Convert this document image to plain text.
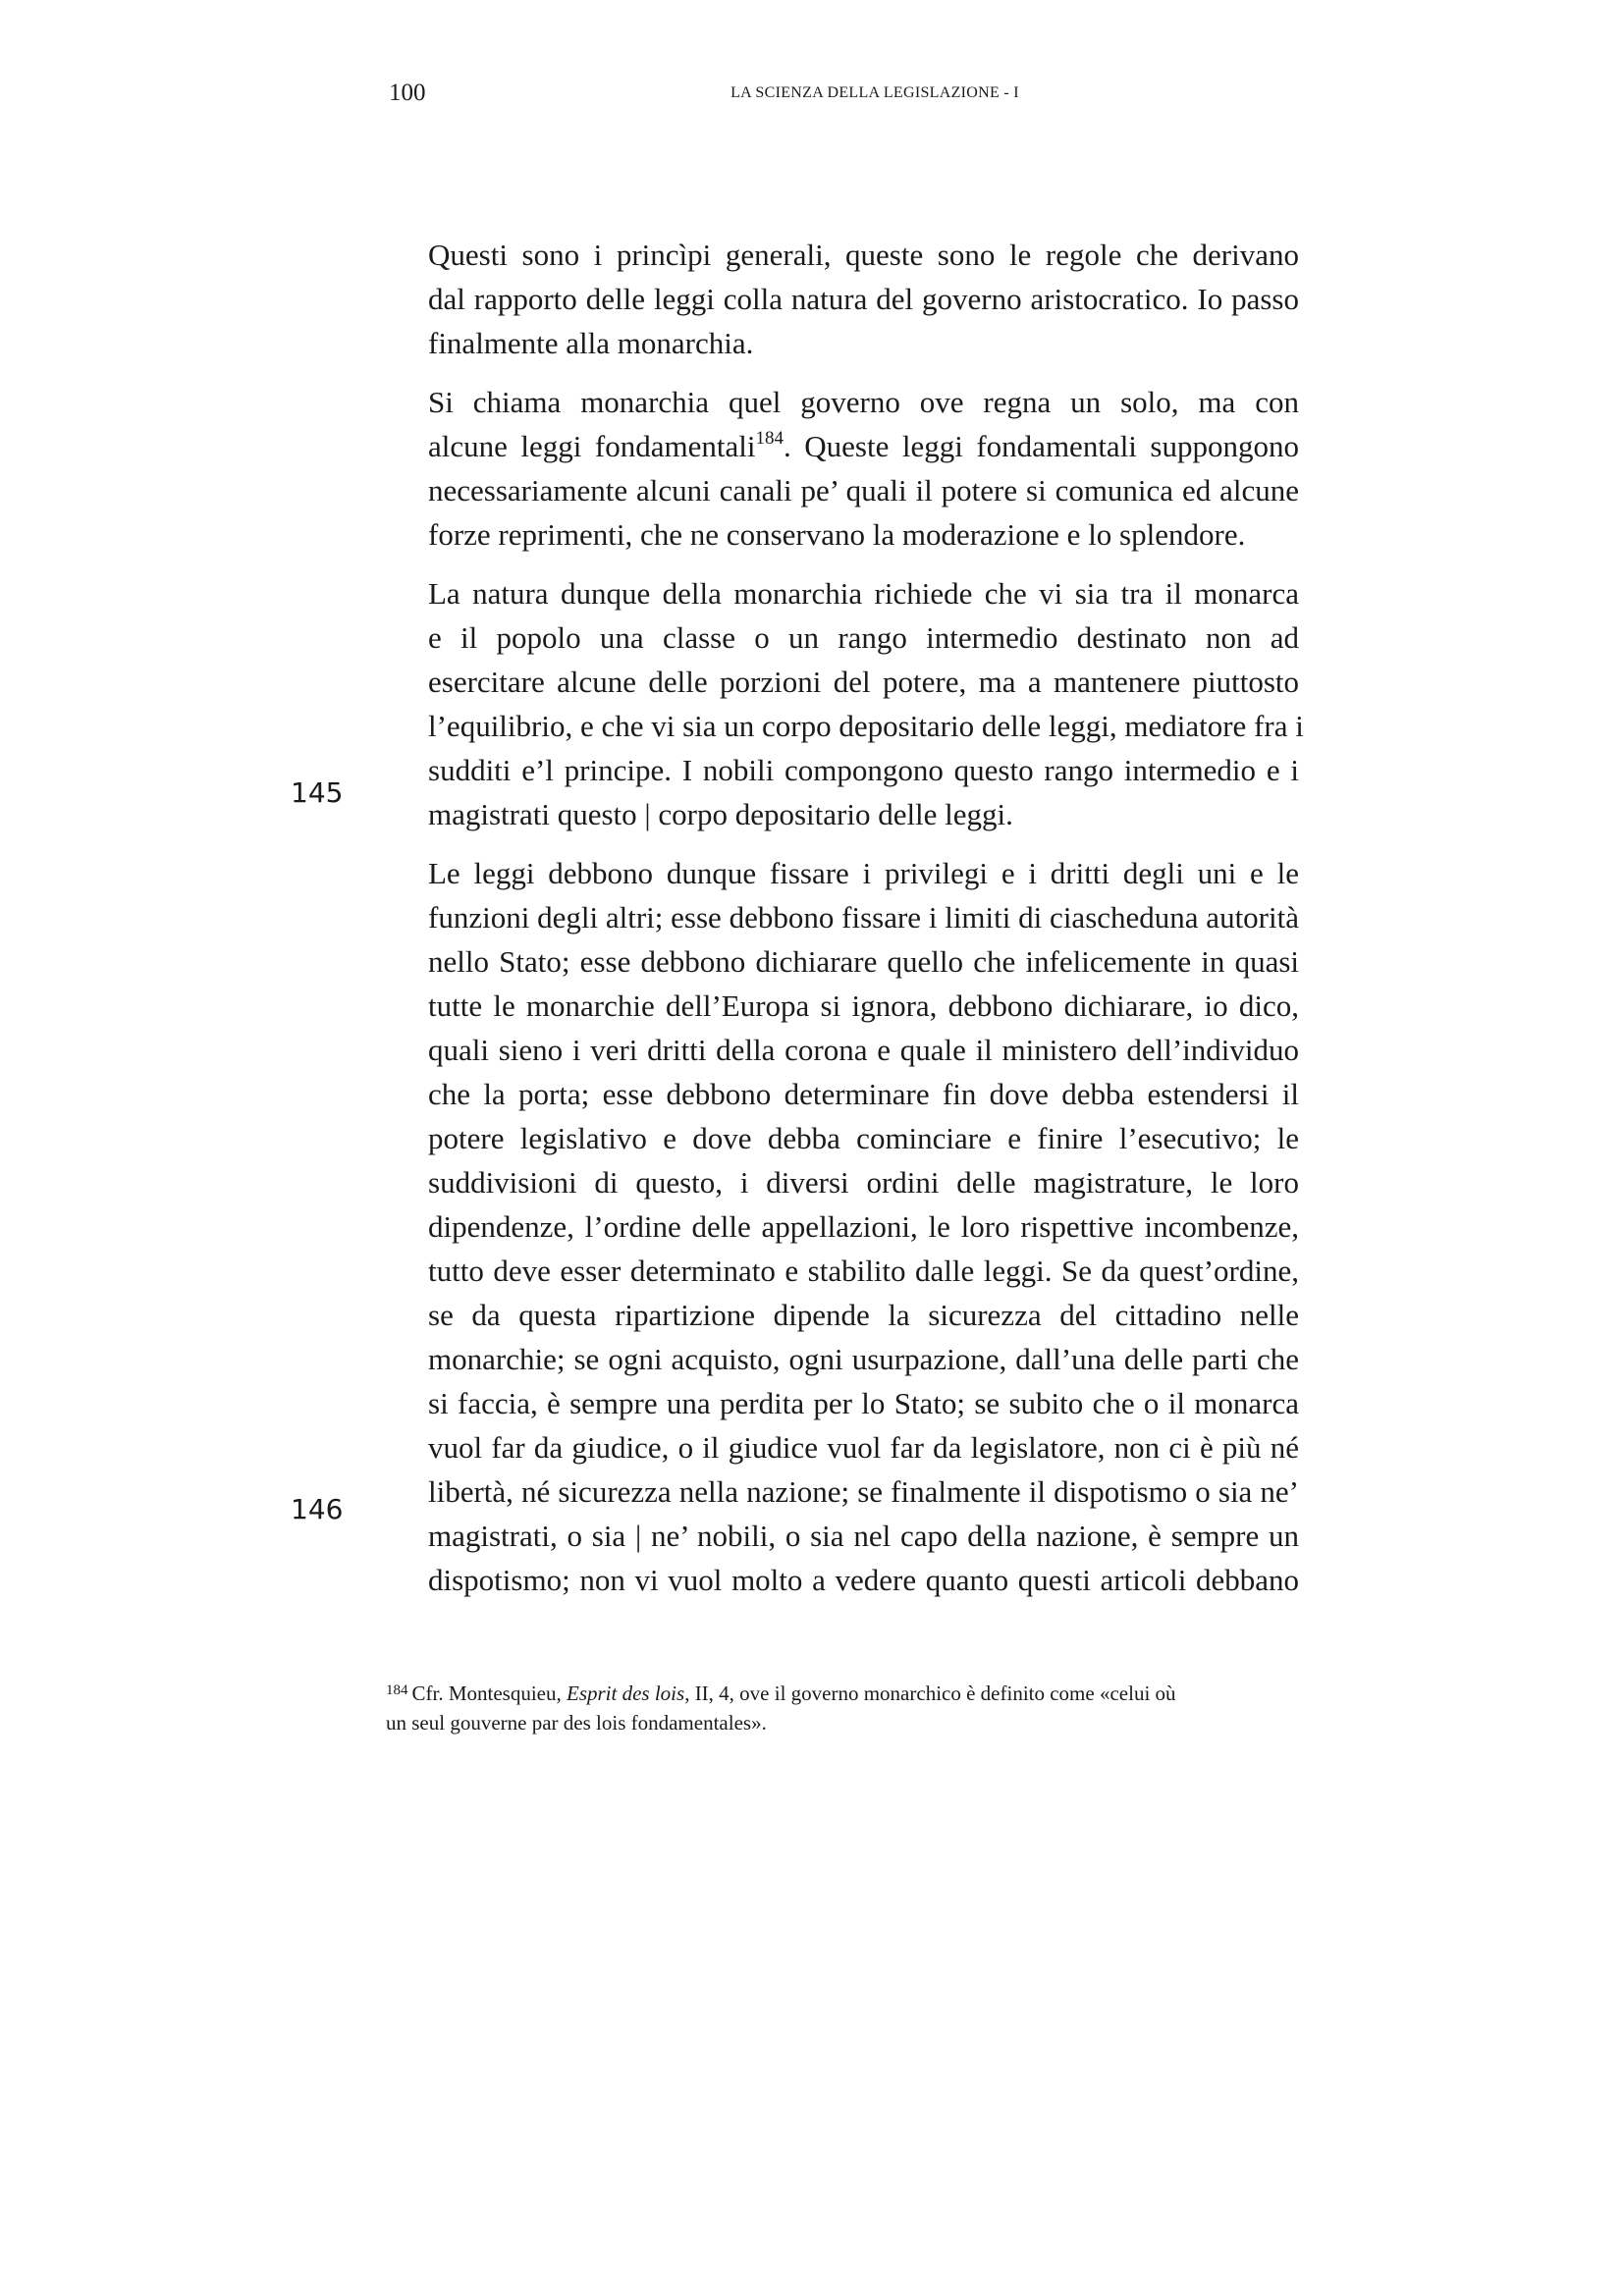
100	LA SCIENZA DELLA LEGISLAZIONE - I
145
146

Questi sono i princìpi generali, queste sono le regole che derivano
dal rapporto delle leggi colla natura del governo aristocratico. Io passo
finalmente alla monarchia.

Si chiama monarchia quel governo ove regna un solo, ma con
alcune leggi fondamentali$^{184}$. Queste leggi fondamentali suppongono
necessariamente alcuni canali pe’ quali il potere si comunica ed alcune
forze reprimenti, che ne conservano la moderazione e lo splendore.

La natura dunque della monarchia richiede che vi sia tra il monarca
e il popolo una classe o un rango intermedio destinato non ad
esercitare alcune delle porzioni del potere, ma a mantenere piuttosto
l’equilibrio, e che vi sia un corpo depositario delle leggi, mediatore fra i
sudditi e’l principe. I nobili compongono questo rango intermedio e i
magistrati questo | corpo depositario delle leggi.

Le leggi debbono dunque fissare i privilegi e i dritti degli uni e le
funzioni degli altri; esse debbono fissare i limiti di ciascheduna autorità
nello Stato; esse debbono dichiarare quello che infelicemente in quasi
tutte le monarchie dell’Europa si ignora, debbono dichiarare, io dico,
quali sieno i veri dritti della corona e quale il ministero dell’individuo
che la porta; esse debbono determinare fin dove debba estendersi il
potere legislativo e dove debba cominciare e finire l’esecutivo; le
suddivisioni di questo, i diversi ordini delle magistrature, le loro
dipendenze, l’ordine delle appellazioni, le loro rispettive incombenze,
tutto deve esser determinato e stabilito dalle leggi. Se da quest’ordine,
se da questa ripartizione dipende la sicurezza del cittadino nelle
monarchie; se ogni acquisto, ogni usurpazione, dall’una delle parti che
si faccia, è sempre una perdita per lo Stato; se subito che o il monarca
vuol far da giudice, o il giudice vuol far da legislatore, non ci è più né
libertà, né sicurezza nella nazione; se finalmente il dispotismo o sia ne’
magistrati, o sia | ne’ nobili, o sia nel capo della nazione, è sempre un
dispotismo; non vi vuol molto a vedere quanto questi articoli debbano

$^{184}$ Cfr. Montesquieu, Esprit des lois, II, 4, ove il governo monarchico è definito come «celui où
un seul gouverne par des lois fondamentales».
